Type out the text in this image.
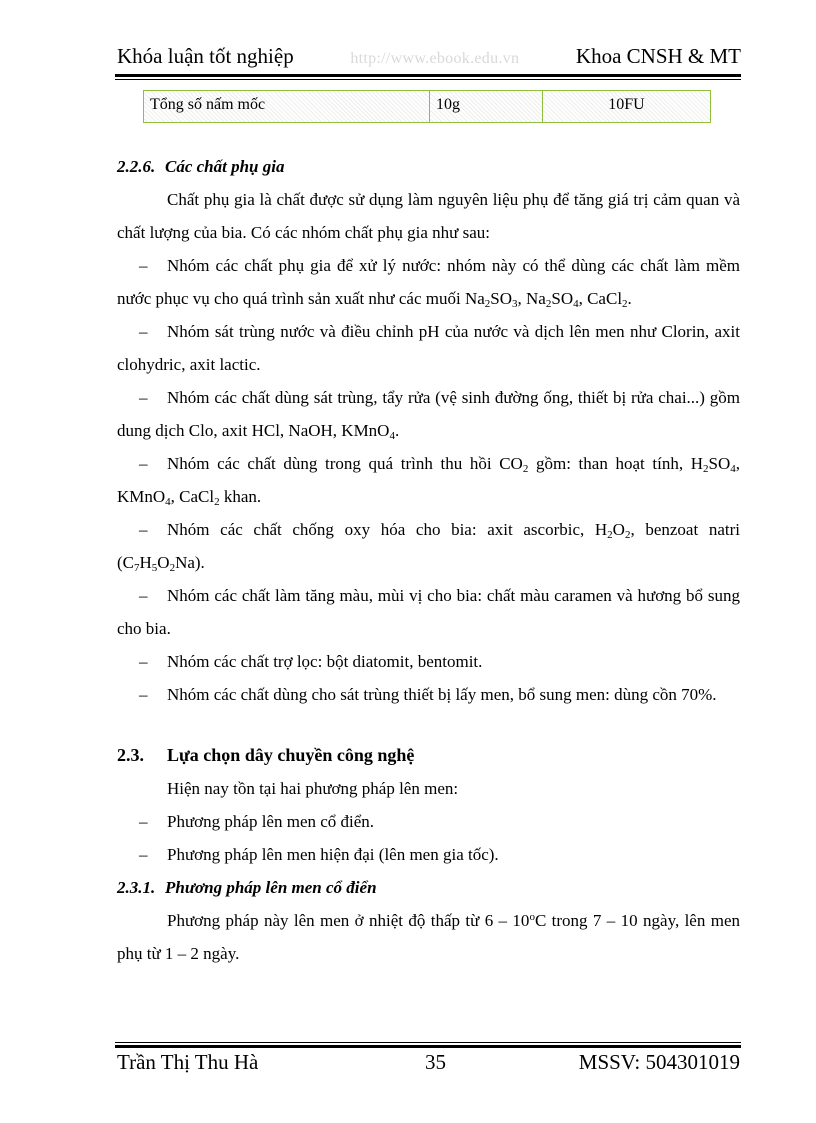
Khóa luận tốt nghiệp	http://www.ebook.edu.vn	Khoa CNSH & MT
Tổng số nấm mốc	10g	10FU

2.2.6. Các chất phụ gia

Chất phụ gia là chất được sử dụng làm nguyên liệu phụ để tăng giá trị cảm quan và chất lượng của bia. Có các nhóm chất phụ gia như sau:

– Nhóm các chất phụ gia để xử lý nước: nhóm này có thể dùng các chất làm mềm nước phục vụ cho quá trình sản xuất như các muối $Na_2SO_3$, $Na_2SO_4$, CaCl$_2$.

– Nhóm sát trùng nước và điều chỉnh pH của nước và dịch lên men như Clorin, axit clohydric, axit lactic.

– Nhóm các chất dùng sát trùng, tẩy rửa (vệ sinh đường ống, thiết bị rửa chai...) gồm dung dịch Clo, axit HCl, NaOH, KMnO$_4$.

– Nhóm các chất dùng trong quá trình thu hồi $CO_2$ gồm: than hoạt tính, $H_2SO_4$, KMnO$_4$, CaCl$_2$ khan.

– Nhóm các chất chống oxy hóa cho bia: axit ascorbic, $H_2O_2$, benzoat natri $(C_7H_5O_2Na)$.

– Nhóm các chất làm tăng màu, mùi vị cho bia: chất màu caramen và hương bổ sung cho bia.

– Nhóm các chất trợ lọc: bột diatomit, bentomit.

– Nhóm các chất dùng cho sát trùng thiết bị lấy men, bổ sung men: dùng cồn 70%.

2.3. Lựa chọn dây chuyền công nghệ

Hiện nay tồn tại hai phương pháp lên men:

– Phương pháp lên men cổ điển.

– Phương pháp lên men hiện đại (lên men gia tốc).

2.3.1. Phương pháp lên men cổ điển

Phương pháp này lên men ở nhiệt độ thấp từ 6 – 10$^o$C trong 7 – 10 ngày, lên men phụ từ 1 – 2 ngày.

Trần Thị Thu Hà	35	MSSV: 504301019
